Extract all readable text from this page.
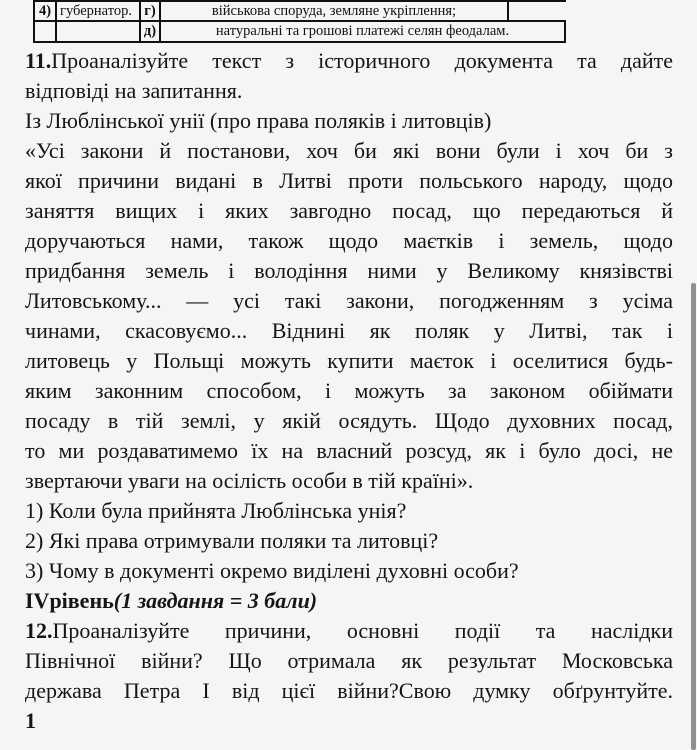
4) губернатор. г)	військова споруда, земляне укріплення;
д)	натуральні та грошові платежі селян феодалам.
11.Проаналізуйте текст з історичного документа та дайте
відповіді на запитання.
Із Люблінської унії (про права поляків і литовців)
«Усі закони й постанови, хоч би які вони були і хоч би з
якої причини видані в Литві проти польського народу, щодо
заняття вищих і яких завгодно посад, що передаються й
доручаються нами, також щодо маєтків і земель, щодо
придбання земель і володіння ними у Великому князівстві
Литовському... — усі такі закони, погодженням з усіма
чинами, скасовуємо... Віднині як поляк у Литві, так і
литовець у Польщі можуть купити маєток і оселитися будь-
яким законним способом, і можуть за законом обіймати
посаду в тій землі, у якій осядуть. Щодо духовних посад,
то ми роздаватимемо їх на власний розсуд, як і було досі, не
звертаючи уваги на осілість особи в тій країні».
1) Коли була прийнята Люблінська унія?
2) Які права отримували поляки та литовці?
3) Чому в документі окремо виділені духовні особи?
IVрівень(1 завдання = 3 бали)
12.Проаналізуйте причини, основні події та наслідки
Північної війни? Що отримала як результат Московська
держава Петра I від цієї війни?Свою думку обґрунтуйте.
1
